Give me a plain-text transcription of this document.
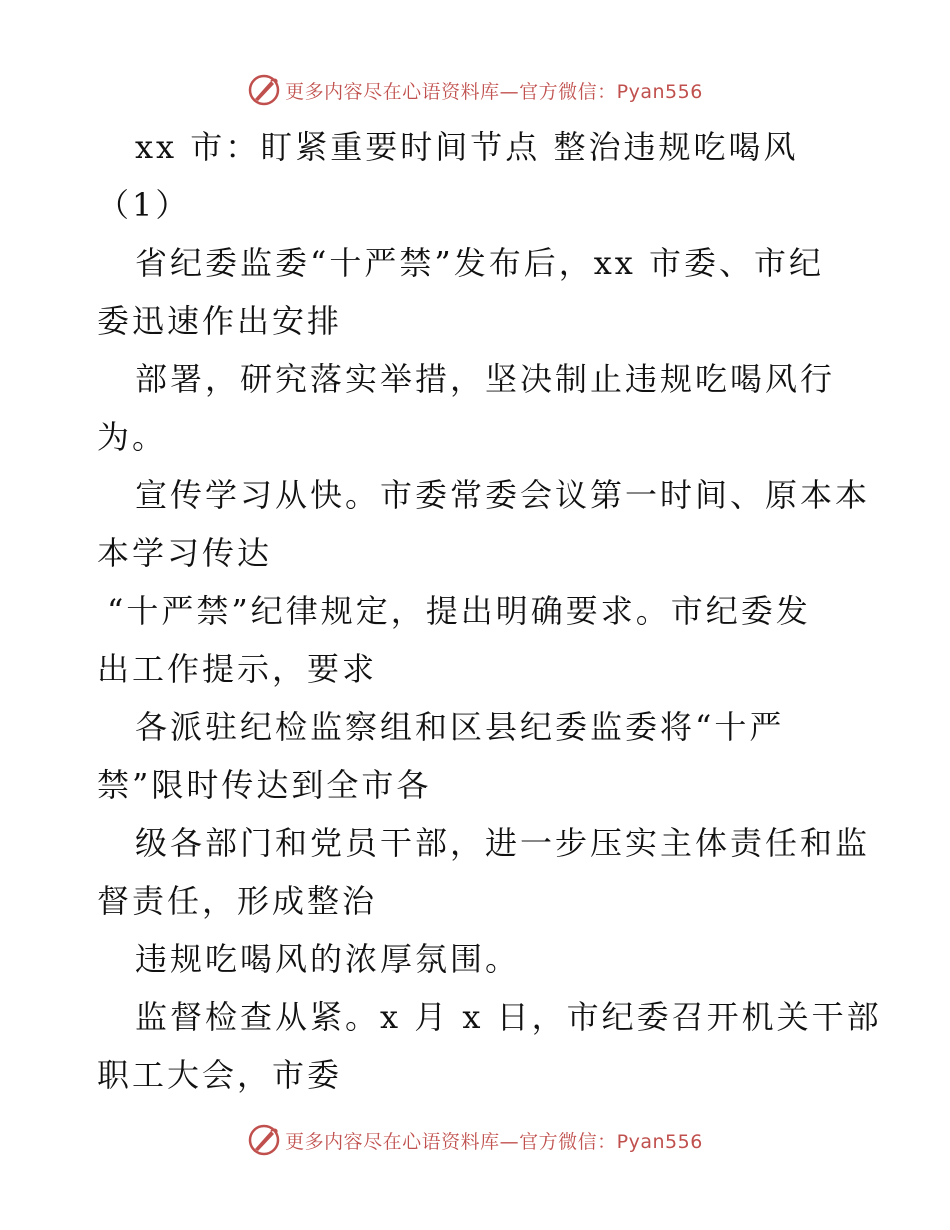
更多内容尽在心语资料库—官方微信：Pyan556
xx 市：盯紧重要时间节点 整治违规吃喝风
（1）
省纪委监委“十严禁”发布后，xx 市委、市纪
委迅速作出安排
部署，研究落实举措，坚决制止违规吃喝风行
为。
宣传学习从快。市委常委会议第一时间、原本本
本学习传达
“十严禁”纪律规定，提出明确要求。市纪委发
出工作提示，要求
各派驻纪检监察组和区县纪委监委将“十严
禁”限时传达到全市各
级各部门和党员干部，进一步压实主体责任和监
督责任，形成整治
违规吃喝风的浓厚氛围。
监督检查从紧。x 月 x 日，市纪委召开机关干部
职工大会，市委
更多内容尽在心语资料库—官方微信：Pyan556
